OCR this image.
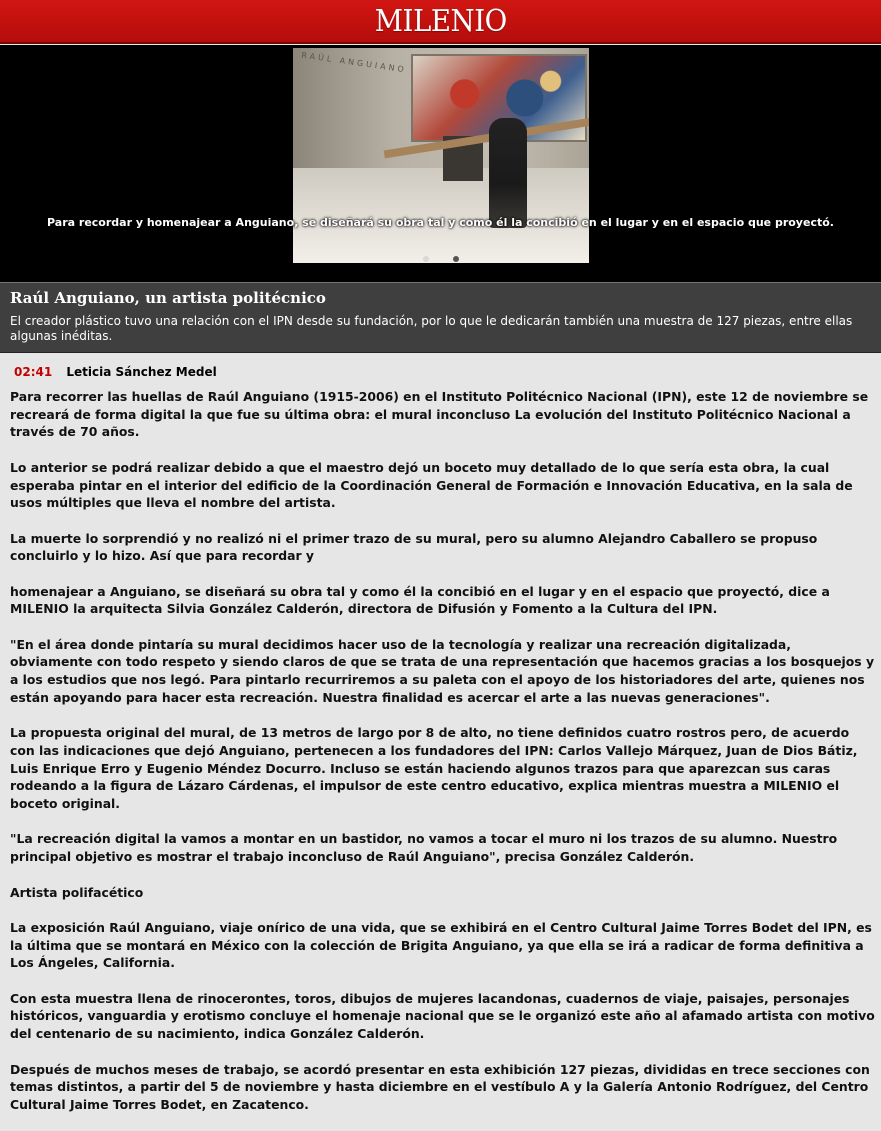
MILENIO
RAÚL ANGUIANO
Para recordar y homenajear a Anguiano, se diseñará su obra tal y como él la concibió en el lugar y en el espacio que proyectó.
Raúl Anguiano, un artista politécnico

El creador plástico tuvo una relación con el IPN desde su fundación, por lo que le dedicarán también una muestra de 127 piezas, entre ellas algunas inéditas.

02:41 Leticia Sánchez Medel

Para recorrer las huellas de Raúl Anguiano (1915-2006) en el Instituto Politécnico Nacional (IPN), este 12 de noviembre se recreará de forma digital la que fue su última obra: el mural inconcluso La evolución del Instituto Politécnico Nacional a través de 70 años.

Lo anterior se podrá realizar debido a que el maestro dejó un boceto muy detallado de lo que sería esta obra, la cual esperaba pintar en el interior del edificio de la Coordinación General de Formación e Innovación Educativa, en la sala de usos múltiples que lleva el nombre del artista.

La muerte lo sorprendió y no realizó ni el primer trazo de su mural, pero su alumno Alejandro Caballero se propuso concluirlo y lo hizo. Así que para recordar y

homenajear a Anguiano, se diseñará su obra tal y como él la concibió en el lugar y en el espacio que proyectó, dice a MILENIO la arquitecta Silvia González Calderón, directora de Difusión y Fomento a la Cultura del IPN.

"En el área donde pintaría su mural decidimos hacer uso de la tecnología y realizar una recreación digitalizada, obviamente con todo respeto y siendo claros de que se trata de una representación que hacemos gracias a los bosquejos y a los estudios que nos legó. Para pintarlo recurriremos a su paleta con el apoyo de los historiadores del arte, quienes nos están apoyando para hacer esta recreación. Nuestra finalidad es acercar el arte a las nuevas generaciones".

La propuesta original del mural, de 13 metros de largo por 8 de alto, no tiene definidos cuatro rostros pero, de acuerdo con las indicaciones que dejó Anguiano, pertenecen a los fundadores del IPN: Carlos Vallejo Márquez, Juan de Dios Bátiz, Luis Enrique Erro y Eugenio Méndez Docurro. Incluso se están haciendo algunos trazos para que aparezcan sus caras rodeando a la figura de Lázaro Cárdenas, el impulsor de este centro educativo, explica mientras muestra a MILENIO el boceto original.

"La recreación digital la vamos a montar en un bastidor, no vamos a tocar el muro ni los trazos de su alumno. Nuestro principal objetivo es mostrar el trabajo inconcluso de Raúl Anguiano", precisa González Calderón.

Artista polifacético

La exposición Raúl Anguiano, viaje onírico de una vida, que se exhibirá en el Centro Cultural Jaime Torres Bodet del IPN, es la última que se montará en México con la colección de Brigita Anguiano, ya que ella se irá a radicar de forma definitiva a Los Ángeles, California.

Con esta muestra llena de rinocerontes, toros, dibujos de mujeres lacandonas, cuadernos de viaje, paisajes, personajes históricos, vanguardia y erotismo concluye el homenaje nacional que se le organizó este año al afamado artista con motivo del centenario de su nacimiento, indica González Calderón.

Después de muchos meses de trabajo, se acordó presentar en esta exhibición 127 piezas, divididas en trece secciones con temas distintos, a partir del 5 de noviembre y hasta diciembre en el vestíbulo A y la Galería Antonio Rodríguez, del Centro Cultural Jaime Torres Bodet, en Zacatenco.
